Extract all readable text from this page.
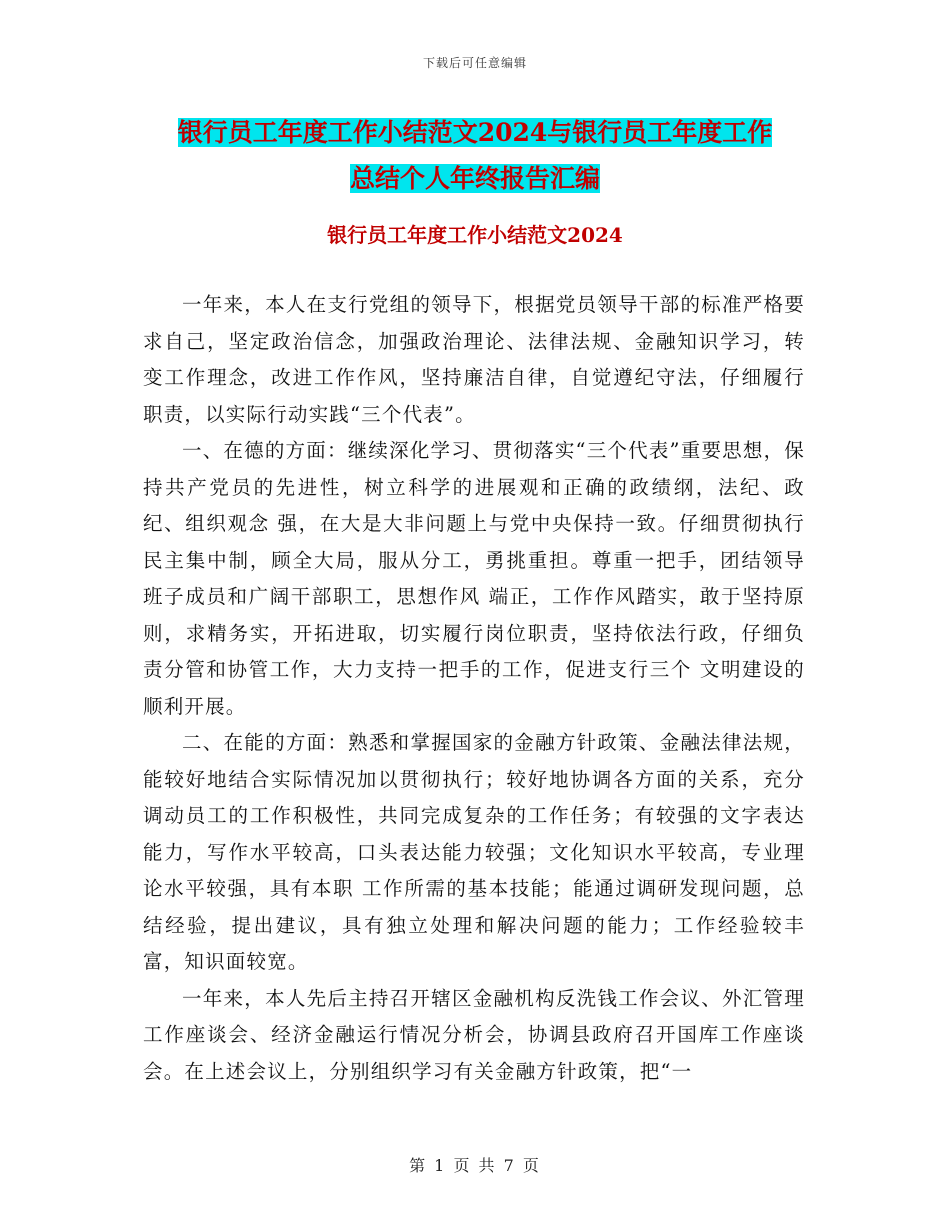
下载后可任意编辑
银行员工年度工作小结范文2024与银行员工年度工作
总结个人年终报告汇编
银行员工年度工作小结范文2024

一年来，本人在支行党组的领导下，根据党员领导干部的标准严格要求自己，坚定政治信念，加强政治理论、法律法规、金融知识学习，转变工作理念，改进工作作风，坚持廉洁自律，自觉遵纪守法，仔细履行职责，以实际行动实践“三个代表”。

一、在德的方面：继续深化学习、贯彻落实“三个代表”重要思想，保持共产党员的先进性，树立科学的进展观和正确的政绩纲，法纪、政纪、组织观念 强，在大是大非问题上与党中央保持一致。仔细贯彻执行民主集中制，顾全大局，服从分工，勇挑重担。尊重一把手，团结领导班子成员和广阔干部职工，思想作风 端正，工作作风踏实，敢于坚持原则，求精务实，开拓进取，切实履行岗位职责，坚持依法行政，仔细负责分管和协管工作，大力支持一把手的工作，促进支行三个 文明建设的顺利开展。

二、在能的方面：熟悉和掌握国家的金融方针政策、金融法律法规，能较好地结合实际情况加以贯彻执行；较好地协调各方面的关系，充分 调动员工的工作积极性，共同完成复杂的工作任务；有较强的文字表达能力，写作水平较高，口头表达能力较强；文化知识水平较高，专业理论水平较强，具有本职 工作所需的基本技能；能通过调研发现问题，总结经验，提出建议，具有独立处理和解决问题的能力；工作经验较丰富，知识面较宽。

一年来，本人先后主持召开辖区金融机构反洗钱工作会议、外汇管理工作座谈会、经济金融运行情况分析会，协调县政府召开国库工作座谈 会。在上述会议上，分别组织学习有关金融方针政策，把“一

第 1 页 共 7 页
